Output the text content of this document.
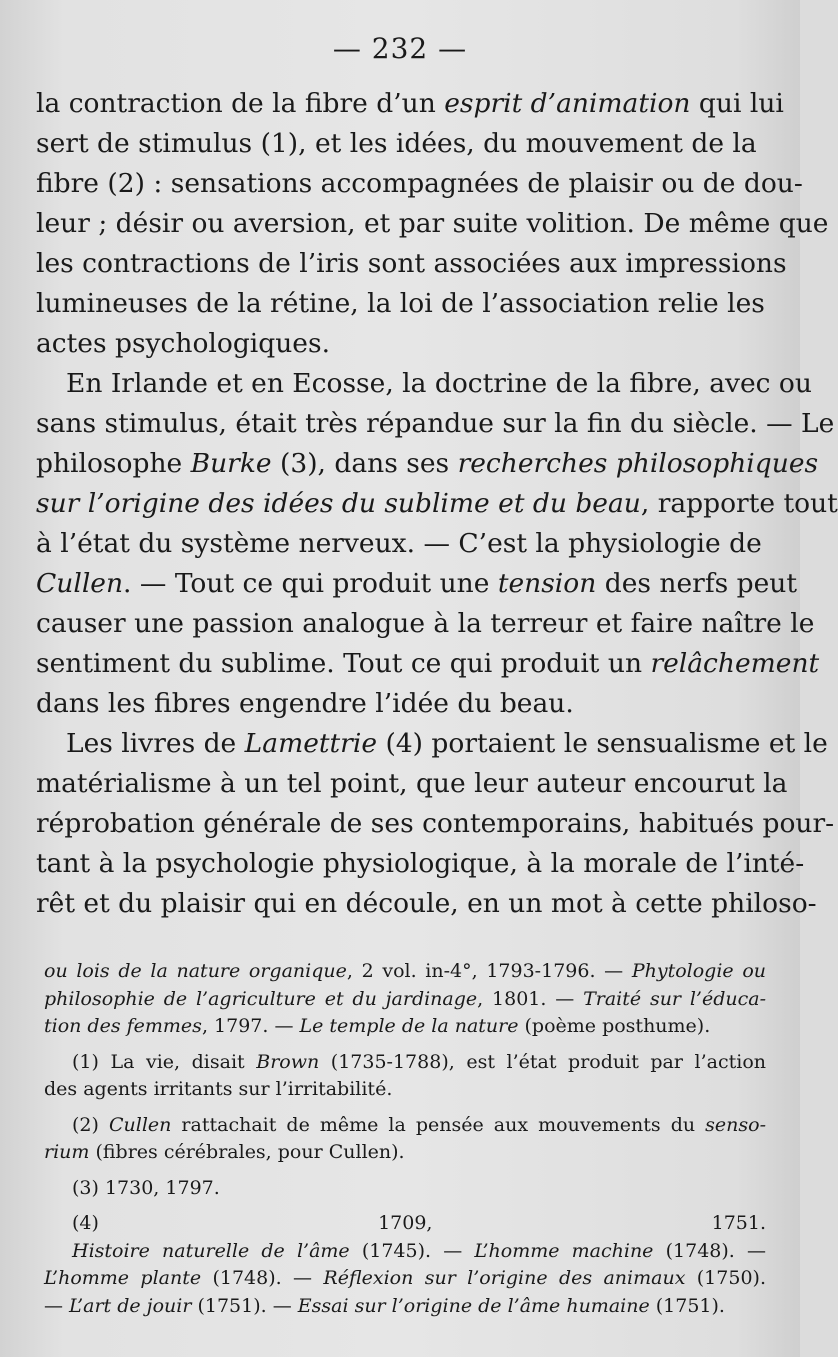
— 232 —
la contraction de la fibre d’un esprit d’animation qui lui
sert de stimulus (1), et les idées, du mouvement de la
fibre (2) : sensations accompagnées de plaisir ou de dou-
leur ; désir ou aversion, et par suite volition. De même que
les contractions de l’iris sont associées aux impressions
lumineuses de la rétine, la loi de l’association relie les
actes psychologiques.
En Irlande et en Ecosse, la doctrine de la fibre, avec ou
sans stimulus, était très répandue sur la fin du siècle. — Le
philosophe Burke (3), dans ses recherches philosophiques
sur l’origine des idées du sublime et du beau, rapporte tout
à l’état du système nerveux. — C’est la physiologie de
Cullen. — Tout ce qui produit une tension des nerfs peut
causer une passion analogue à la terreur et faire naître le
sentiment du sublime. Tout ce qui produit un relâchement
dans les fibres engendre l’idée du beau.
Les livres de Lamettrie (4) portaient le sensualisme et le
matérialisme à un tel point, que leur auteur encourut la
réprobation générale de ses contemporains, habitués pour-
tant à la psychologie physiologique, à la morale de l’inté-
rêt et du plaisir qui en découle, en un mot à cette philoso-
ou lois de la nature organique, 2 vol. in-4°, 1793-1796. — Phytologie ou
philosophie de l’agriculture et du jardinage, 1801. — Traité sur l’éduca-
tion des femmes, 1797. — Le temple de la nature (poème posthume).
(1) La vie, disait Brown (1735-1788), est l’état produit par l’action
des agents irritants sur l’irritabilité.
(2) Cullen rattachait de même la pensée aux mouvements du senso-
rium (fibres cérébrales, pour Cullen).
(3) 1730, 1797.
(4) 1709, 1751.
Histoire naturelle de l’âme (1745). — L’homme machine (1748). —
L’homme plante (1748). — Réflexion sur l’origine des animaux (1750).
— L’art de jouir (1751). — Essai sur l’origine de l’âme humaine (1751).
